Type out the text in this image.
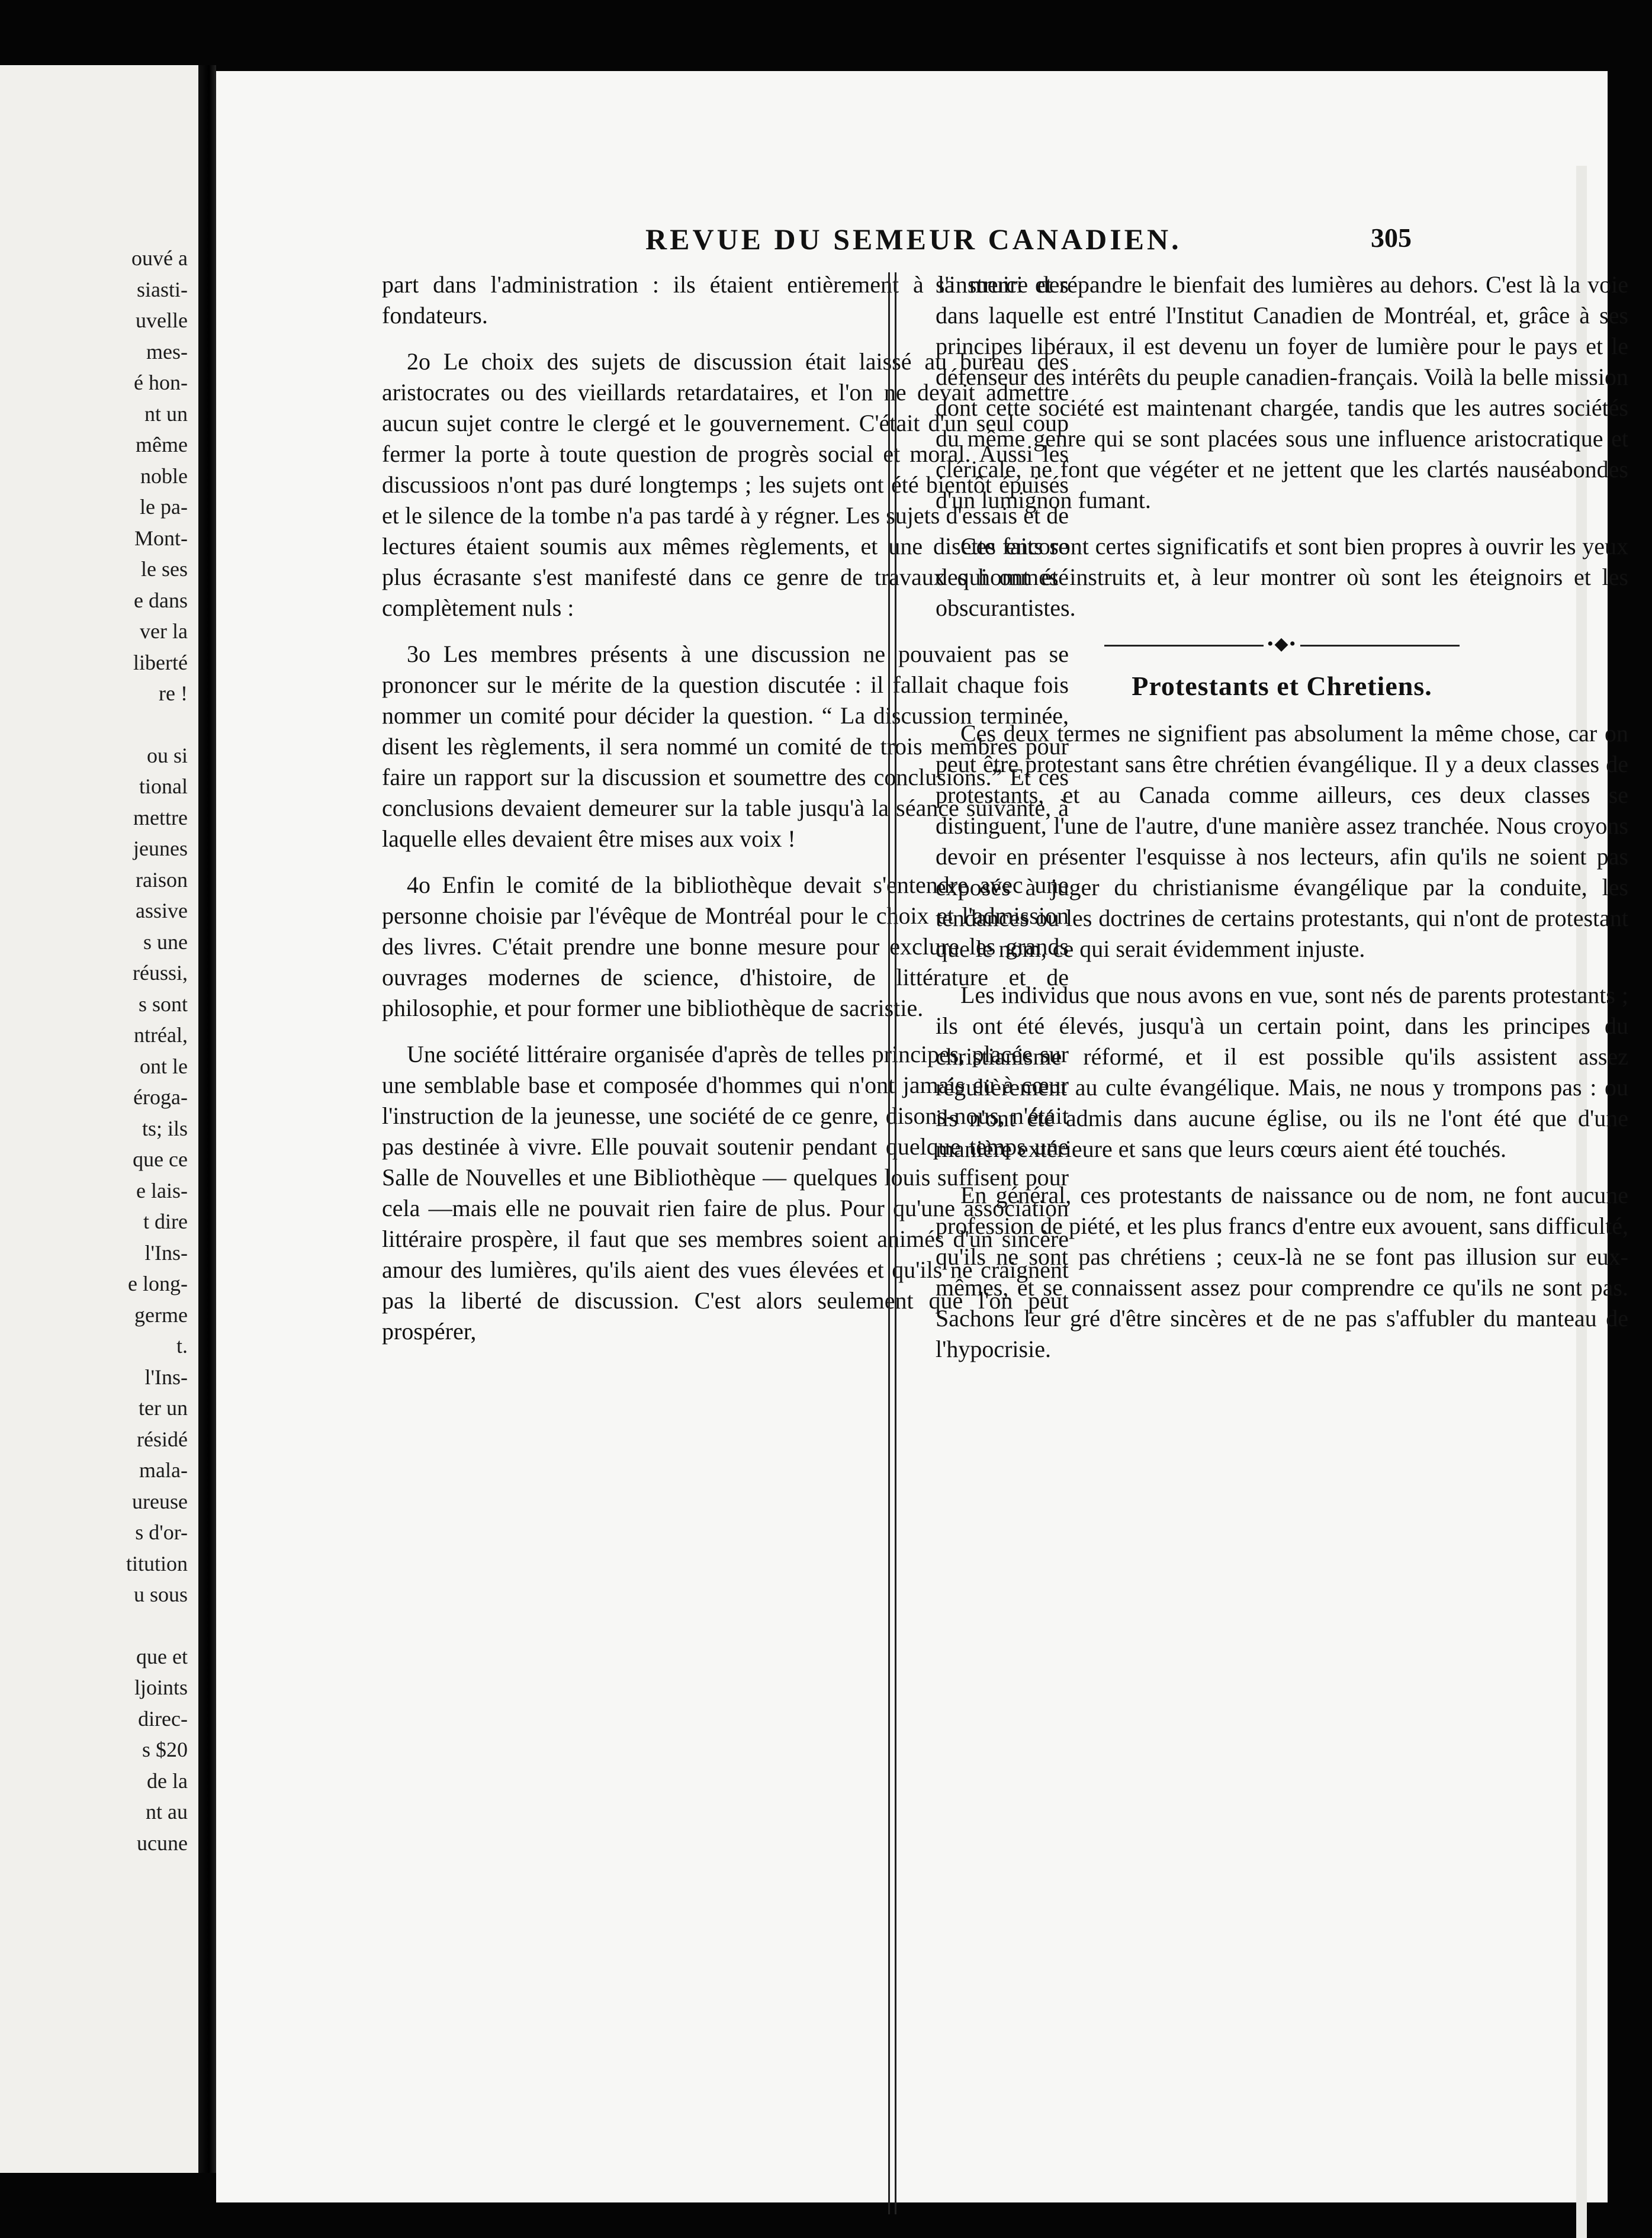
ouvé a
siasti-
uvelle
mes-
é hon-
nt un
même
noble
le pa-
Mont-
le ses
e dans
ver la
liberté
re !
ou si
tional
mettre
jeunes
raison
assive
s une
réussi,
s sont
ntréal,
ont le
éroga-
ts; ils
que ce
e lais-
t dire
l'Ins-
e long-
germe
t.
l'Ins-
ter un
résidé
mala-
ureuse
s d'or-
titution
u sous
que et
ljoints
direc-
s $20
de la
nt au
ucune
REVUE DU SEMEUR CANADIEN.	305

part dans l'administration : ils étaient entièrement à la merci des fondateurs.

2o Le choix des sujets de discussion était laissé au bureau des aristocrates ou des vieillards retardataires, et l'on ne devait admettre aucun sujet contre le clergé et le gouvernement. C'était d'un seul coup fermer la porte à toute question de progrès social et moral. Aussi les discussioos n'ont pas duré longtemps ; les sujets ont été bientôt épuisés et le silence de la tombe n'a pas tardé à y régner. Les sujets d'essais et de lectures étaient soumis aux mêmes règlements, et une disette encore plus écrasante s'est manifesté dans ce genre de travaux qui ont été complètement nuls :

3o Les membres présents à une discussion ne pouvaient pas se prononcer sur le mérite de la question discutée : il fallait chaque fois nommer un comité pour décider la question. “ La discussion terminée, disent les règlements, il sera nommé un comité de trois membres pour faire un rapport sur la discussion et soumettre des conclusions.” Et ces conclusions devaient demeurer sur la table jusqu'à la séance suivante, à laquelle elles devaient être mises aux voix !

4o Enfin le comité de la bibliothèque devait s'entendre avec une personne choisie par l'évêque de Montréal pour le choix et l'admission des livres. C'était prendre une bonne mesure pour exclure les grands ouvrages modernes de science, d'histoire, de littérature et de philosophie, et pour former une bibliothèque de sacristie.

Une société littéraire organisée d'après de telles principes, placée sur une semblable base et composée d'hommes qui n'ont jamais eu à cœur l'instruction de la jeunesse, une société de ce genre, disons-nous, n'était pas destinée à vivre. Elle pouvait soutenir pendant quelque temps une Salle de Nouvelles et une Bibliothèque — quelques louis suffisent pour cela —mais elle ne pouvait rien faire de plus. Pour qu'une association littéraire prospère, il faut que ses membres soient animés d'un sincère amour des lumières, qu'ils aient des vues élevées et qu'ils ne craignent pas la liberté de discussion. C'est alors seulement que l'on peut prospérer,

s'instruire et répandre le bienfait des lumières au dehors. C'est là la voie dans laquelle est entré l'Institut Canadien de Montréal, et, grâce à ses principes libéraux, il est devenu un foyer de lumière pour le pays et le défenseur des intérêts du peuple canadien-français. Voilà la belle mission dont cette société est maintenant chargée, tandis que les autres sociétés du même genre qui se sont placées sous une influence aristocratique et cléricale, ne font que végéter et ne jettent que les clartés nauséabondes d'un lumignon fumant.

Ces faits sont certes significatifs et sont bien propres à ouvrir les yeux des hommes instruits et, à leur montrer où sont les éteignoirs et les obscurantistes.

•◆•
Protestants et Chretiens.

Ces deux termes ne signifient pas absolument la même chose, car on peut être protestant sans être chrétien évangélique. Il y a deux classes de protestants, et au Canada comme ailleurs, ces deux classes se distinguent, l'une de l'autre, d'une manière assez tranchée. Nous croyons devoir en présenter l'esquisse à nos lecteurs, afin qu'ils ne soient pas exposés à juger du christianisme évangélique par la conduite, les tendances ou les doctrines de certains protestants, qui n'ont de protestant que le nom, ce qui serait évidemment injuste.

Les individus que nous avons en vue, sont nés de parents protestants ; ils ont été élevés, jusqu'à un certain point, dans les principes du christianisme réformé, et il est possible qu'ils assistent assez régulièrement au culte évangélique. Mais, ne nous y trompons pas : ou ils n'ont été admis dans aucune église, ou ils ne l'ont été que d'une manière extérieure et sans que leurs cœurs aient été touchés.

En général, ces protestants de naissance ou de nom, ne font aucune profession de piété, et les plus francs d'entre eux avouent, sans difficulté, qu'ils ne sont pas chrétiens ; ceux-là ne se font pas illusion sur eux-mêmes, et se connaissent assez pour comprendre ce qu'ils ne sont pas. Sachons leur gré d'être sincères et de ne pas s'affubler du manteau de l'hypocrisie.
